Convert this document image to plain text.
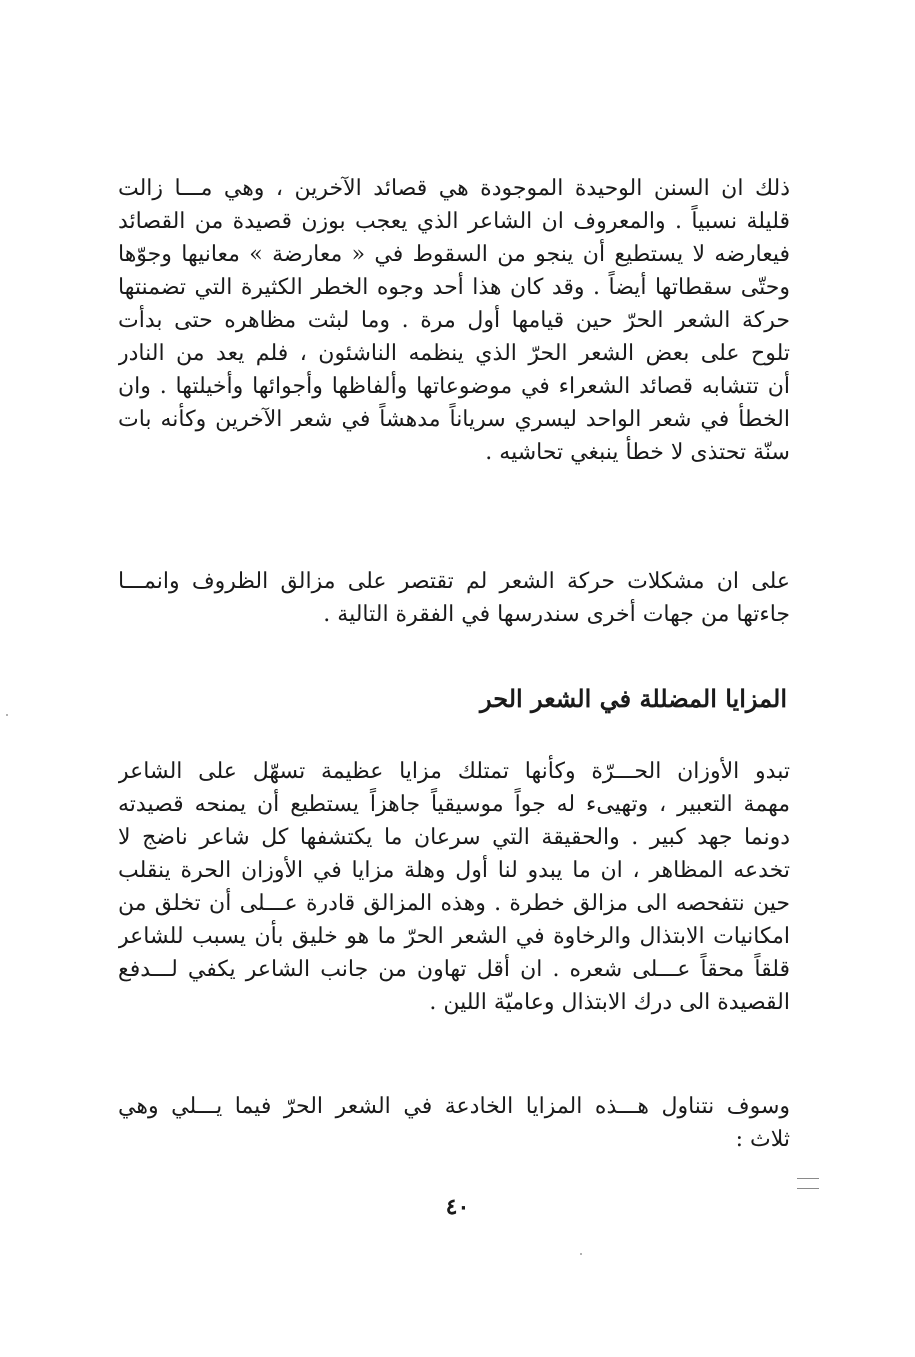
ذلك ان السنن الوحيدة الموجودة هي قصائد الآخرين ، وهي مـــا زالت
قليلة نسبياً . والمعروف ان الشاعر الذي يعجب بوزن قصيدة من القصائد
فيعارضه لا يستطيع أن ينجو من السقوط في « معارضة » معانيها وجوّها
وحتّى سقطاتها أيضاً . وقد كان هذا أحد وجوه الخطر الكثيرة التي تضمنتها
حركة الشعر الحرّ حين قيامها أول مرة . وما لبثت مظاهره حتى بدأت
تلوح على بعض الشعر الحرّ الذي ينظمه الناشئون ، فلم يعد من النادر
أن تتشابه قصائد الشعراء في موضوعاتها وألفاظها وأجوائها وأخيلتها . وان
الخطأ في شعر الواحد ليسري سرياناً مدهشاً في شعر الآخرين وكأنه بات
سنّة تحتذى لا خطأ ينبغي تحاشيه .
على ان مشكلات حركة الشعر لم تقتصر على مزالق الظروف وانمـــا
جاءتها من جهات أخرى سندرسها في الفقرة التالية .
المزايا المضللة في الشعر الحر
تبدو الأوزان الحـــرّة وكأنها تمتلك مزايا عظيمة تسهّل على الشاعر
مهمة التعبير ، وتهيىء له جواً موسيقياً جاهزاً يستطيع أن يمنحه قصيدته
دونما جهد كبير . والحقيقة التي سرعان ما يكتشفها كل شاعر ناضج لا
تخدعه المظاهر ، ان ما يبدو لنا أول وهلة مزايا في الأوزان الحرة ينقلب
حين نتفحصه الى مزالق خطرة . وهذه المزالق قادرة عـــلى أن تخلق من
امكانيات الابتذال والرخاوة في الشعر الحرّ ما هو خليق بأن يسبب للشاعر
قلقاً محقاً عـــلى شعره . ان أقل تهاون من جانب الشاعر يكفي لـــدفع
القصيدة الى درك الابتذال وعاميّة اللين .
وسوف نتناول هـــذه المزايا الخادعة في الشعر الحرّ فيما يـــلي وهي
ثلاث :
٤٠
